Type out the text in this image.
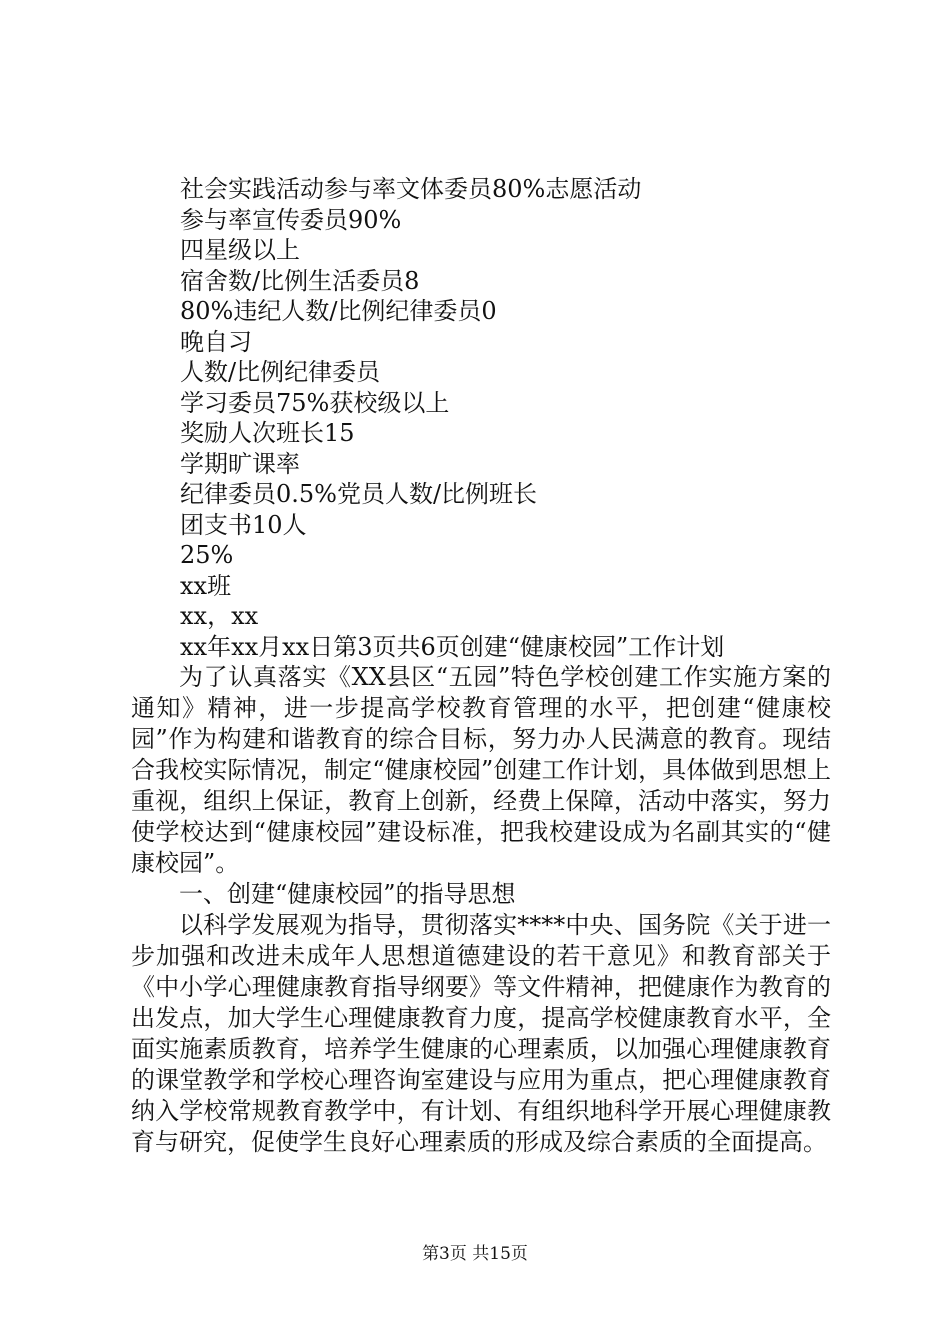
社会实践活动参与率文体委员80%志愿活动
参与率宣传委员90%
四星级以上
宿舍数/比例生活委员8
80%违纪人数/比例纪律委员0
晚自习
人数/比例纪律委员
学习委员75%获校级以上
奖励人次班长15
学期旷课率
纪律委员0.5%党员人数/比例班长
团支书10人
25%
xx班
xx，xx
xx年xx月xx日第3页共6页创建“健康校园”工作计划

为了认真落实《XX县区“五园”特色学校创建工作实施方案的通知》精神，进一步提高学校教育管理的水平，把创建“健康校园”作为构建和谐教育的综合目标，努力办人民满意的教育。现结合我校实际情况，制定“健康校园”创建工作计划，具体做到思想上重视，组织上保证，教育上创新，经费上保障，活动中落实，努力使学校达到“健康校园”建设标准，把我校建设成为名副其实的“健康校园”。

一、创建“健康校园”的指导思想

以科学发展观为指导，贯彻落实****中央、国务院《关于进一步加强和改进未成年人思想道德建设的若干意见》和教育部关于《中小学心理健康教育指导纲要》等文件精神，把健康作为教育的出发点，加大学生心理健康教育力度，提高学校健康教育水平，全面实施素质教育，培养学生健康的心理素质，以加强心理健康教育的课堂教学和学校心理咨询室建设与应用为重点，把心理健康教育纳入学校常规教育教学中，有计划、有组织地科学开展心理健康教育与研究，促使学生良好心理素质的形成及综合素质的全面提高。

第3页 共15页
